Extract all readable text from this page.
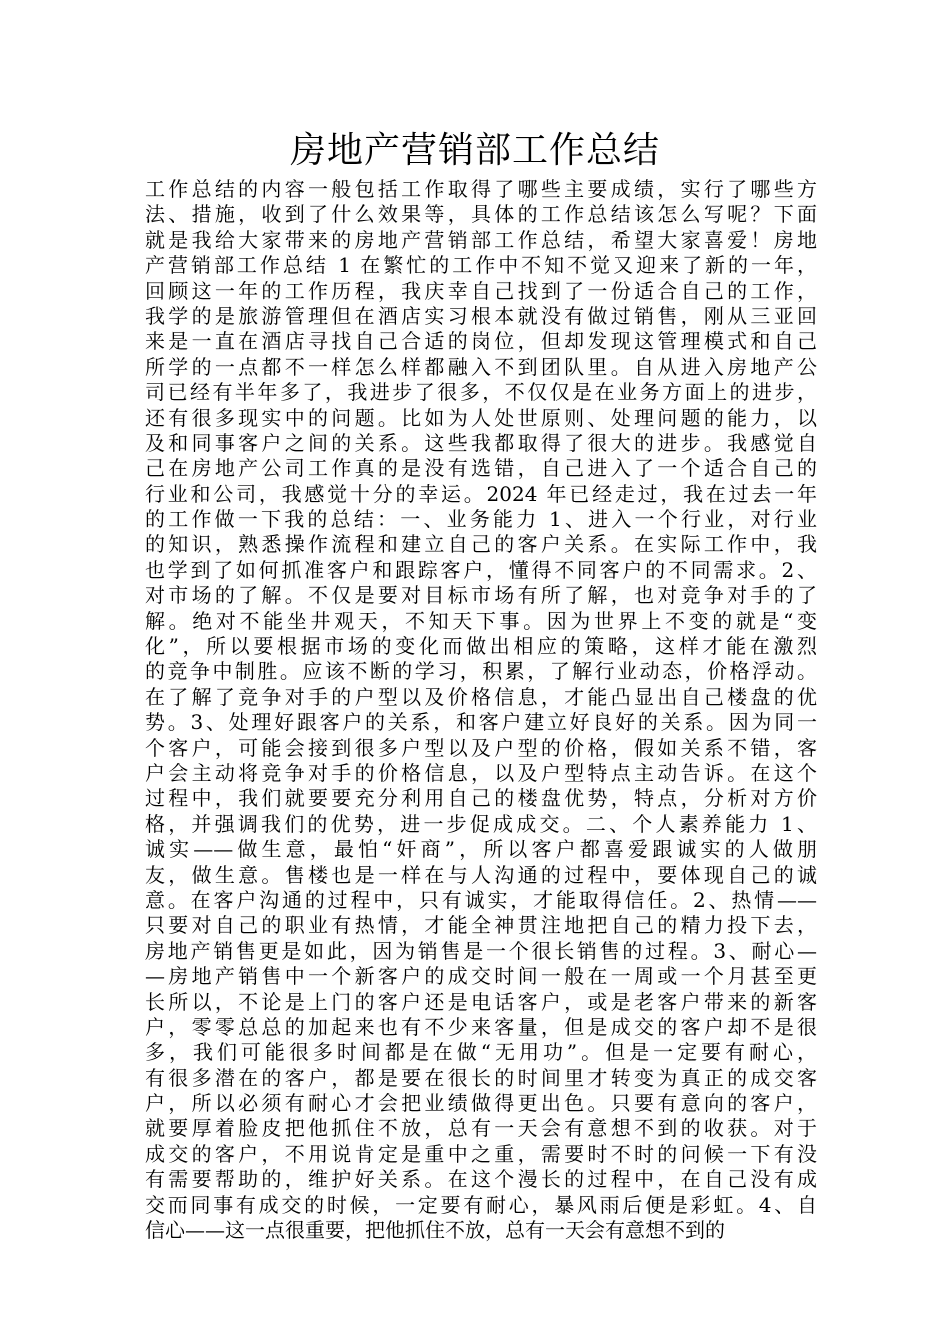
房地产营销部工作总结
工作总结的内容一般包括工作取得了哪些主要成绩，实行了哪些方
法、措施，收到了什么效果等，具体的工作总结该怎么写呢？下面
就是我给大家带来的房地产营销部工作总结，希望大家喜爱！房地
产营销部工作总结 1 在繁忙的工作中不知不觉又迎来了新的一年，
回顾这一年的工作历程，我庆幸自己找到了一份适合自己的工作，
我学的是旅游管理但在酒店实习根本就没有做过销售，刚从三亚回
来是一直在酒店寻找自己合适的岗位，但却发现这管理模式和自己
所学的一点都不一样怎么样都融入不到团队里。自从进入房地产公
司已经有半年多了，我进步了很多，不仅仅是在业务方面上的进步，
还有很多现实中的问题。比如为人处世原则、处理问题的能力，以
及和同事客户之间的关系。这些我都取得了很大的进步。我感觉自
己在房地产公司工作真的是没有选错，自己进入了一个适合自己的
行业和公司，我感觉十分的幸运。2024 年已经走过，我在过去一年
的工作做一下我的总结：一、业务能力 1、进入一个行业，对行业
的知识，熟悉操作流程和建立自己的客户关系。在实际工作中，我
也学到了如何抓准客户和跟踪客户，懂得不同客户的不同需求。2、
对市场的了解。不仅是要对目标市场有所了解，也对竞争对手的了
解。绝对不能坐井观天，不知天下事。因为世界上不变的就是“变
化”，所以要根据市场的变化而做出相应的策略，这样才能在激烈
的竞争中制胜。应该不断的学习，积累，了解行业动态，价格浮动。
在了解了竞争对手的户型以及价格信息，才能凸显出自己楼盘的优
势。3、处理好跟客户的关系，和客户建立好良好的关系。因为同一
个客户，可能会接到很多户型以及户型的价格，假如关系不错，客
户会主动将竞争对手的价格信息，以及户型特点主动告诉。在这个
过程中，我们就要要充分利用自己的楼盘优势，特点，分析对方价
格，并强调我们的优势，进一步促成成交。二、个人素养能力 1、
诚实——做生意，最怕“奸商”，所以客户都喜爱跟诚实的人做朋
友，做生意。售楼也是一样在与人沟通的过程中，要体现自己的诚
意。在客户沟通的过程中，只有诚实，才能取得信任。2、热情——
只要对自己的职业有热情，才能全神贯注地把自己的精力投下去，
房地产销售更是如此，因为销售是一个很长销售的过程。3、耐心—
—房地产销售中一个新客户的成交时间一般在一周或一个月甚至更
长所以，不论是上门的客户还是电话客户，或是老客户带来的新客
户，零零总总的加起来也有不少来客量，但是成交的客户却不是很
多，我们可能很多时间都是在做“无用功”。但是一定要有耐心，
有很多潜在的客户，都是要在很长的时间里才转变为真正的成交客
户，所以必须有耐心才会把业绩做得更出色。只要有意向的客户，
就要厚着脸皮把他抓住不放，总有一天会有意想不到的收获。对于
成交的客户，不用说肯定是重中之重，需要时不时的问候一下有没
有需要帮助的，维护好关系。在这个漫长的过程中，在自己没有成
交而同事有成交的时候，一定要有耐心，暴风雨后便是彩虹。4、自
信心——这一点很重要，把他抓住不放，总有一天会有意想不到的
